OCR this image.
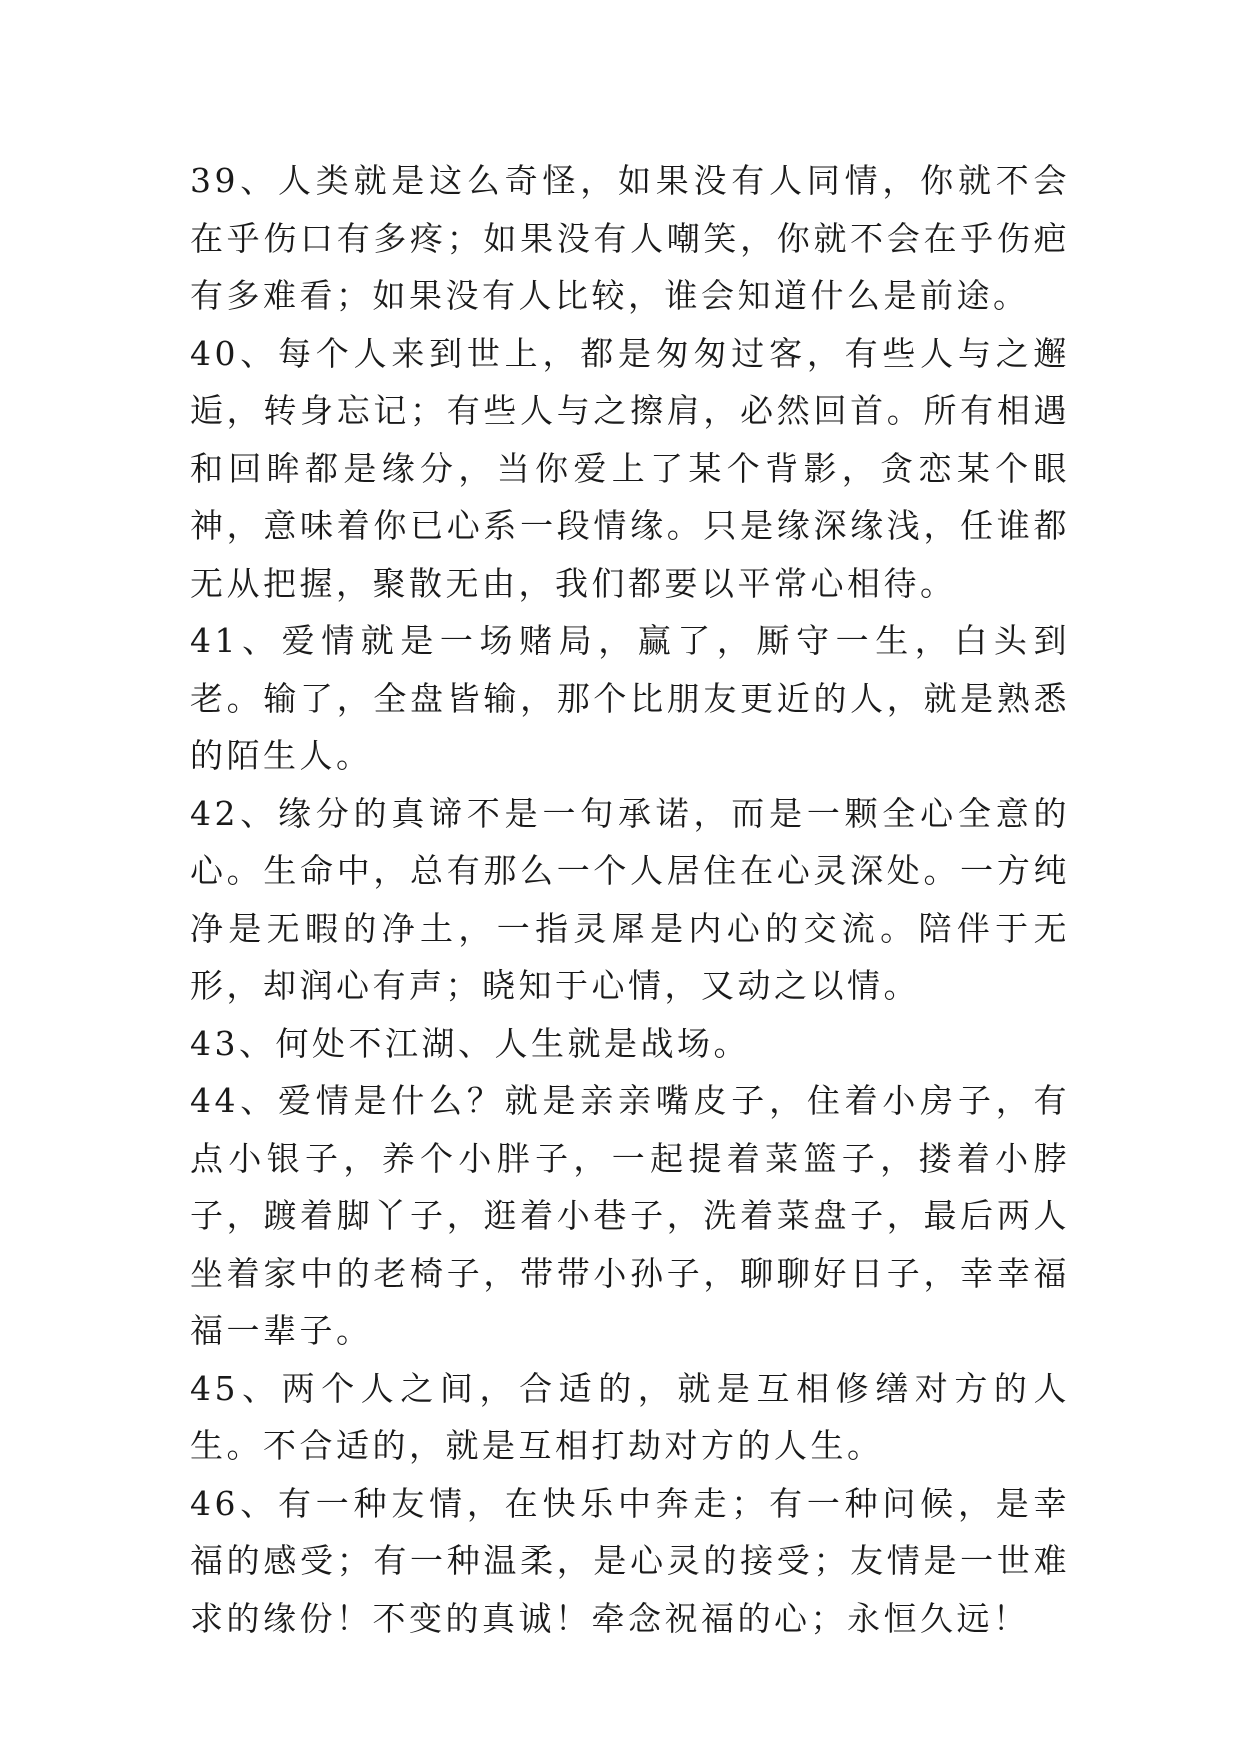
39、人类就是这么奇怪，如果没有人同情，你就不会在乎伤口有多疼；如果没有人嘲笑，你就不会在乎伤疤有多难看；如果没有人比较，谁会知道什么是前途。

40、每个人来到世上，都是匆匆过客，有些人与之邂逅，转身忘记；有些人与之擦肩，必然回首。所有相遇和回眸都是缘分，当你爱上了某个背影，贪恋某个眼神，意味着你已心系一段情缘。只是缘深缘浅，任谁都无从把握，聚散无由，我们都要以平常心相待。

41、爱情就是一场赌局，赢了，厮守一生，白头到老。输了，全盘皆输，那个比朋友更近的人，就是熟悉的陌生人。

42、缘分的真谛不是一句承诺，而是一颗全心全意的心。生命中，总有那么一个人居住在心灵深处。一方纯净是无暇的净土，一指灵犀是内心的交流。陪伴于无形，却润心有声；晓知于心情，又动之以情。

43、何处不江湖、人生就是战场。

44、爱情是什么？就是亲亲嘴皮子，住着小房子，有点小银子，养个小胖子，一起提着菜篮子，搂着小脖子，踱着脚丫子，逛着小巷子，洗着菜盘子，最后两人坐着家中的老椅子，带带小孙子，聊聊好日子，幸幸福福一辈子。

45、两个人之间，合适的，就是互相修缮对方的人生。不合适的，就是互相打劫对方的人生。

46、有一种友情，在快乐中奔走；有一种问候，是幸福的感受；有一种温柔，是心灵的接受；友情是一世难求的缘份！不变的真诚！牵念祝福的心；永恒久远！
